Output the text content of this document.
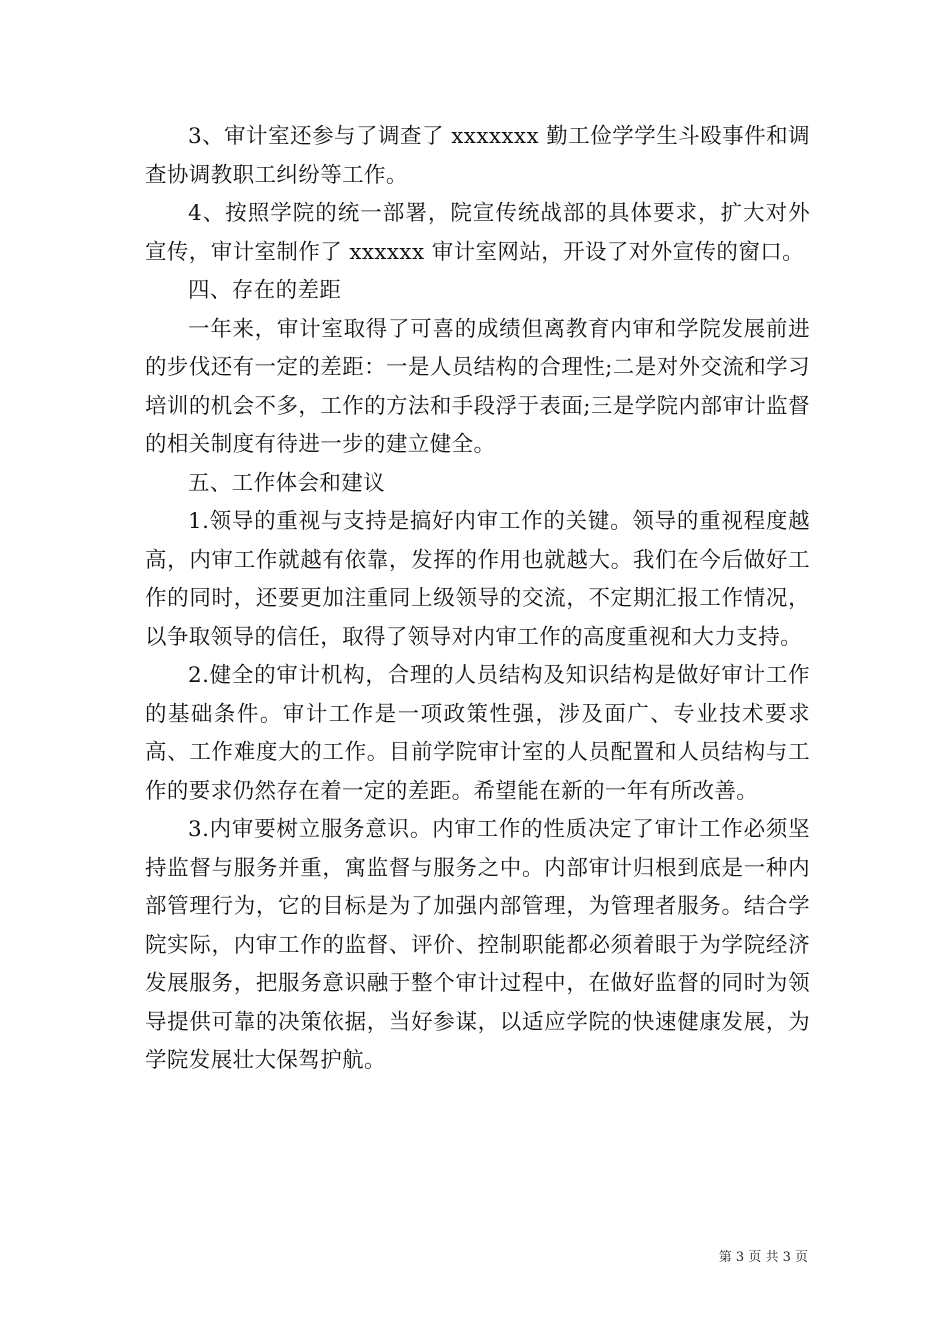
3、审计室还参与了调查了 xxxxxxx 勤工俭学学生斗殴事件和调查协调教职工纠纷等工作。

4、按照学院的统一部署，院宣传统战部的具体要求，扩大对外宣传，审计室制作了 xxxxxx 审计室网站，开设了对外宣传的窗口。

四、存在的差距

一年来，审计室取得了可喜的成绩但离教育内审和学院发展前进的步伐还有一定的差距：一是人员结构的合理性;二是对外交流和学习培训的机会不多，工作的方法和手段浮于表面;三是学院内部审计监督的相关制度有待进一步的建立健全。

五、工作体会和建议

1.领导的重视与支持是搞好内审工作的关键。领导的重视程度越高，内审工作就越有依靠，发挥的作用也就越大。我们在今后做好工作的同时，还要更加注重同上级领导的交流，不定期汇报工作情况，以争取领导的信任，取得了领导对内审工作的高度重视和大力支持。

2.健全的审计机构，合理的人员结构及知识结构是做好审计工作的基础条件。审计工作是一项政策性强，涉及面广、专业技术要求高、工作难度大的工作。目前学院审计室的人员配置和人员结构与工作的要求仍然存在着一定的差距。希望能在新的一年有所改善。

3.内审要树立服务意识。内审工作的性质决定了审计工作必须坚持监督与服务并重，寓监督与服务之中。内部审计归根到底是一种内部管理行为，它的目标是为了加强内部管理，为管理者服务。结合学院实际，内审工作的监督、评价、控制职能都必须着眼于为学院经济发展服务，把服务意识融于整个审计过程中，在做好监督的同时为领导提供可靠的决策依据，当好参谋，以适应学院的快速健康发展，为学院发展壮大保驾护航。

第 3 页 共 3 页
